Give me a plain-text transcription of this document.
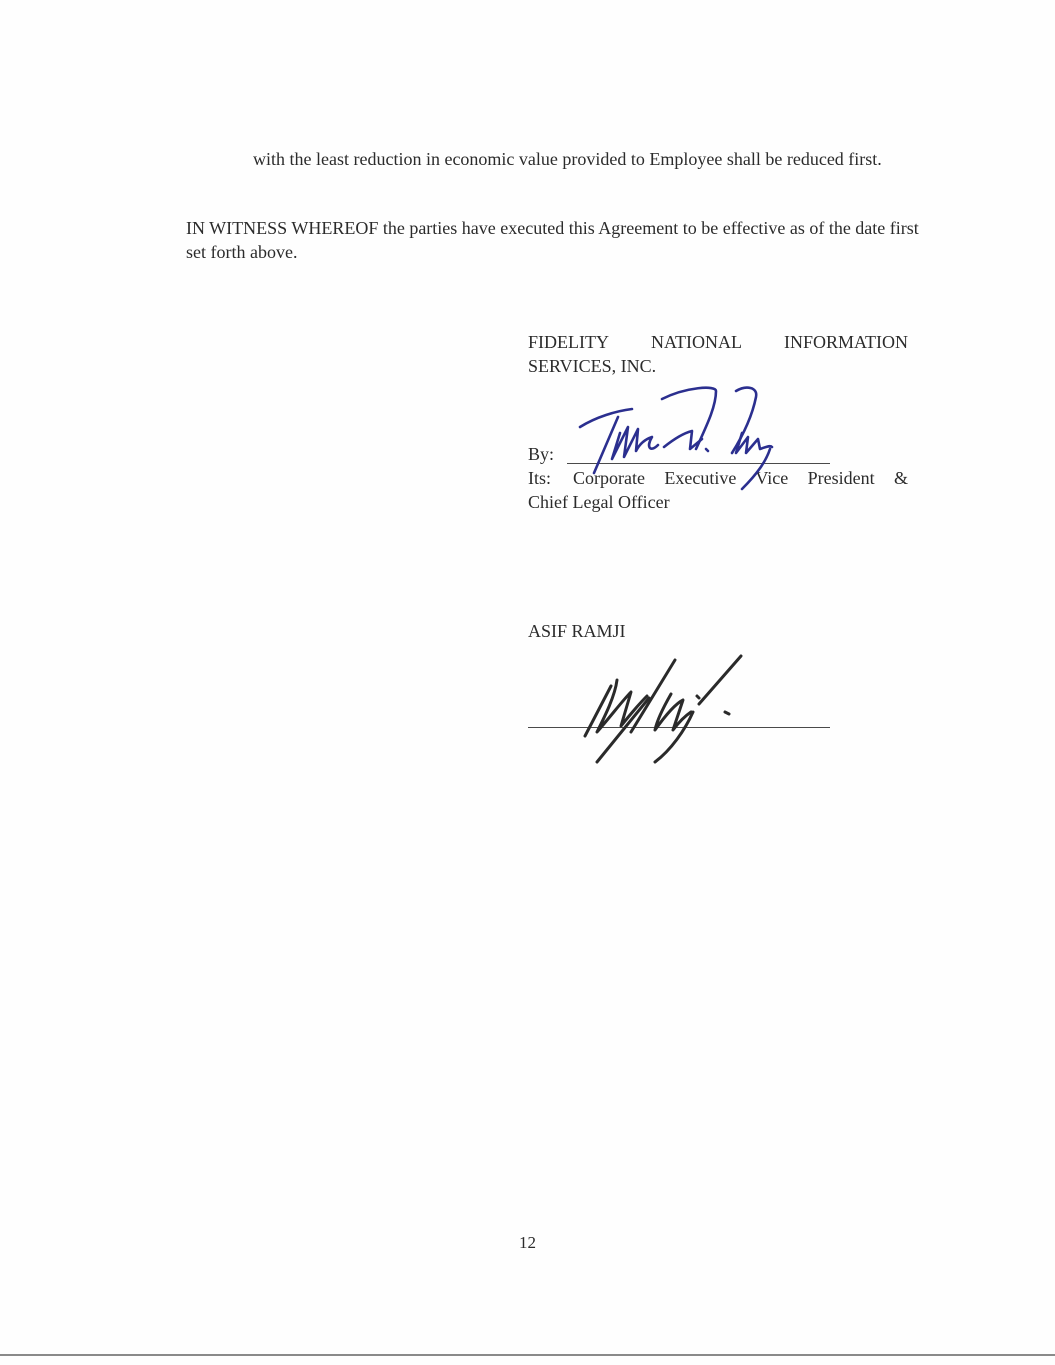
with the least reduction in economic value provided to Employee shall be reduced first.

IN WITNESS WHEREOF the parties have executed this Agreement to be effective as of the date first set forth above.

FIDELITY NATIONAL INFORMATION
SERVICES, INC.
By:
Its: Corporate Executive Vice President &
Chief Legal Officer
ASIF RAMJI
12
